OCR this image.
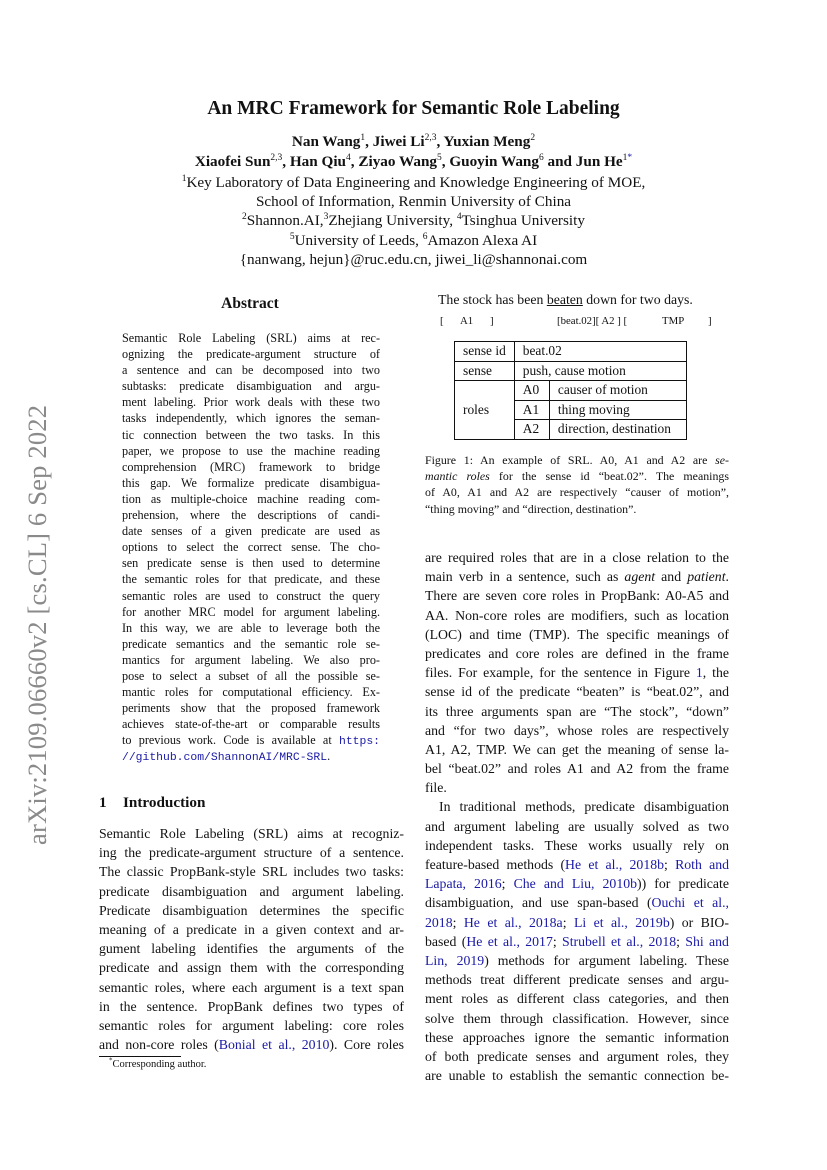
arXiv:2109.06660v2 [cs.CL] 6 Sep 2022
An MRC Framework for Semantic Role Labeling
Nan Wang$^1$, Jiwei Li$^{2,3}$, Yuxian Meng$^2$
Xiaofei Sun$^{2,3}$, Han Qiu$^4$, Ziyao Wang$^5$, Guoyin Wang$^6$ and Jun $He^{1*}$
$^1$Key Laboratory of Data Engineering and Knowledge Engineering of MOE,
School of Information, Renmin University of China
$^2$Shannon.AI,$^3$Zhejiang University, $^4$Tsinghua University
$^5$University of Leeds, $^6$Amazon Alexa AI
{nanwang, hejun}@ruc.edu.cn, jiwei_li@shannonai.com
Abstract
Semantic Role Labeling (SRL) aims at rec-
ognizing the predicate-argument structure of
a sentence and can be decomposed into two
subtasks: predicate disambiguation and argu-
ment labeling. Prior work deals with these two
tasks independently, which ignores the seman-
tic connection between the two tasks. In this
paper, we propose to use the machine reading
comprehension (MRC) framework to bridge
this gap. We formalize predicate disambigua-
tion as multiple-choice machine reading com-
prehension, where the descriptions of candi-
date senses of a given predicate are used as
options to select the correct sense. The cho-
sen predicate sense is then used to determine
the semantic roles for that predicate, and these
semantic roles are used to construct the query
for another MRC model for argument labeling.
In this way, we are able to leverage both the
predicate semantics and the semantic role se-
mantics for argument labeling. We also pro-
pose to select a subset of all the possible se-
mantic roles for computational efficiency. Ex-
periments show that the proposed framework
achieves state-of-the-art or comparable results
to previous work. Code is available at https:
//github.com/ShannonAI/MRC-SRL.
1 Introduction
Semantic Role Labeling (SRL) aims at recogniz-
ing the predicate-argument structure of a sentence.
The classic PropBank-style SRL includes two tasks:
predicate disambiguation and argument labeling.
Predicate disambiguation determines the specific
meaning of a predicate in a given context and ar-
gument labeling identifies the arguments of the
predicate and assign them with the corresponding
semantic roles, where each argument is a text span
in the sentence. PropBank defines two types of
semantic roles for argument labeling: core roles
and non-core roles (Bonial et al., 2010). Core roles
*Corresponding author.
The stock has been beaten down for two days.
[ A1 ]	[beat.02][ A2 ] [	TMP ]
sense id	beat.02	
sense	push, cause motion	
roles	A0	causer of motion
	A1	thing moving
	A2	direction, destination
Figure 1: An example of SRL. A0, A1 and A2 are se-
mantic roles for the sense id “beat.02”. The meanings
of A0, A1 and A2 are respectively “causer of motion”,
“thing moving” and “direction, destination”.
are required roles that are in a close relation to the
main verb in a sentence, such as agent and patient.
There are seven core roles in PropBank: A0-A5 and
AA. Non-core roles are modifiers, such as location
(LOC) and time (TMP). The specific meanings of
predicates and core roles are defined in the frame
files. For example, for the sentence in Figure 1, the
sense id of the predicate “beaten” is “beat.02”, and
its three arguments span are “The stock”, “down”
and “for two days”, whose roles are respectively
A1, A2, TMP. We can get the meaning of sense la-
bel “beat.02” and roles A1 and A2 from the frame
file.
In traditional methods, predicate disambiguation
and argument labeling are usually solved as two
independent tasks. These works usually rely on
feature-based methods (He et al., 2018b; Roth and
Lapata, 2016; Che and Liu, 2010b)) for predicate
disambiguation, and use span-based (Ouchi et al.,
2018; He et al., 2018a; Li et al., 2019b) or BIO-
based (He et al., 2017; Strubell et al., 2018; Shi and
Lin, 2019) methods for argument labeling. These
methods treat different predicate senses and argu-
ment roles as different class categories, and then
solve them through classification. However, since
these approaches ignore the semantic information
of both predicate senses and argument roles, they
are unable to establish the semantic connection be-
